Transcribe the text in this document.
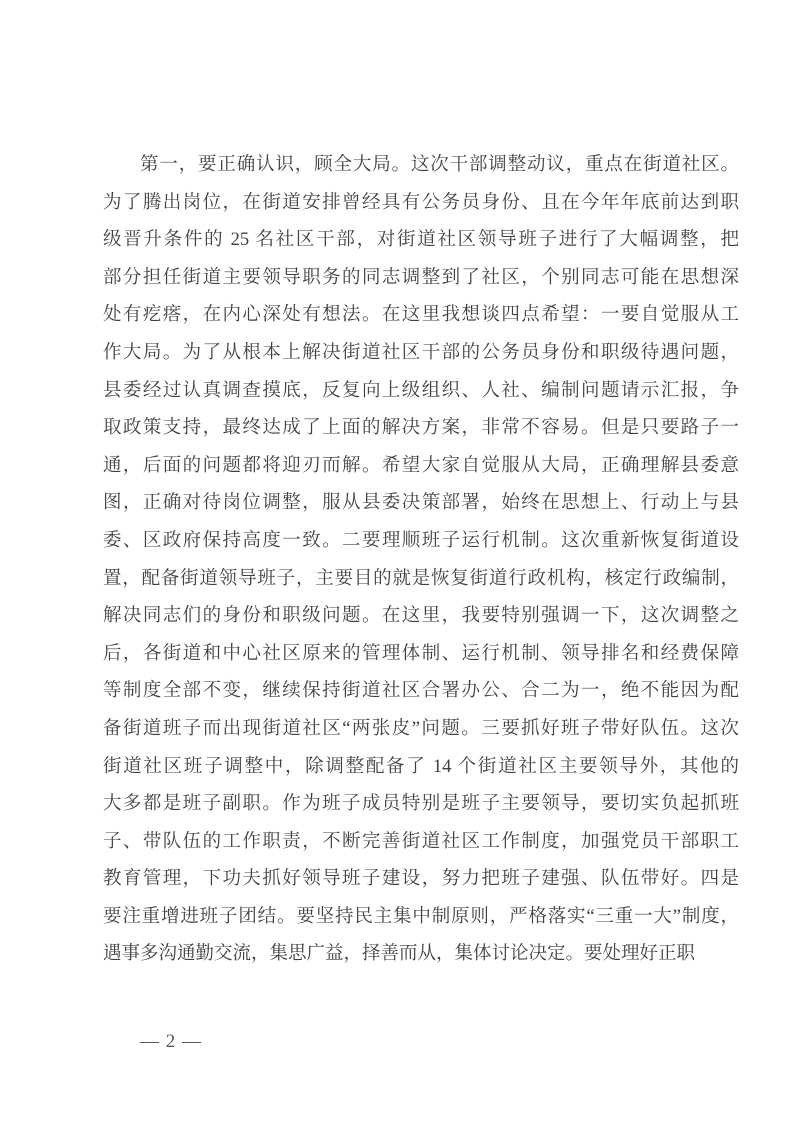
第一，要正确认识，顾全大局。这次干部调整动议，重点在街道社区。
为了腾出岗位，在街道安排曾经具有公务员身份、且在今年年底前达到职
级晋升条件的 25 名社区干部，对街道社区领导班子进行了大幅调整，把
部分担任街道主要领导职务的同志调整到了社区，个别同志可能在思想深
处有疙瘩，在内心深处有想法。在这里我想谈四点希望：一要自觉服从工
作大局。为了从根本上解决街道社区干部的公务员身份和职级待遇问题，
县委经过认真调查摸底，反复向上级组织、人社、编制问题请示汇报，争
取政策支持，最终达成了上面的解决方案，非常不容易。但是只要路子一
通，后面的问题都将迎刃而解。希望大家自觉服从大局，正确理解县委意
图，正确对待岗位调整，服从县委决策部署，始终在思想上、行动上与县
委、区政府保持高度一致。二要理顺班子运行机制。这次重新恢复街道设
置，配备街道领导班子，主要目的就是恢复街道行政机构，核定行政编制，
解决同志们的身份和职级问题。在这里，我要特别强调一下，这次调整之
后，各街道和中心社区原来的管理体制、运行机制、领导排名和经费保障
等制度全部不变，继续保持街道社区合署办公、合二为一，绝不能因为配
备街道班子而出现街道社区“两张皮”问题。三要抓好班子带好队伍。这次
街道社区班子调整中，除调整配备了 14 个街道社区主要领导外，其他的
大多都是班子副职。作为班子成员特别是班子主要领导，要切实负起抓班
子、带队伍的工作职责，不断完善街道社区工作制度，加强党员干部职工
教育管理，下功夫抓好领导班子建设，努力把班子建强、队伍带好。四是
要注重增进班子团结。要坚持民主集中制原则，严格落实“三重一大”制度，
遇事多沟通勤交流，集思广益，择善而从，集体讨论决定。要处理好正职
— 2 —
